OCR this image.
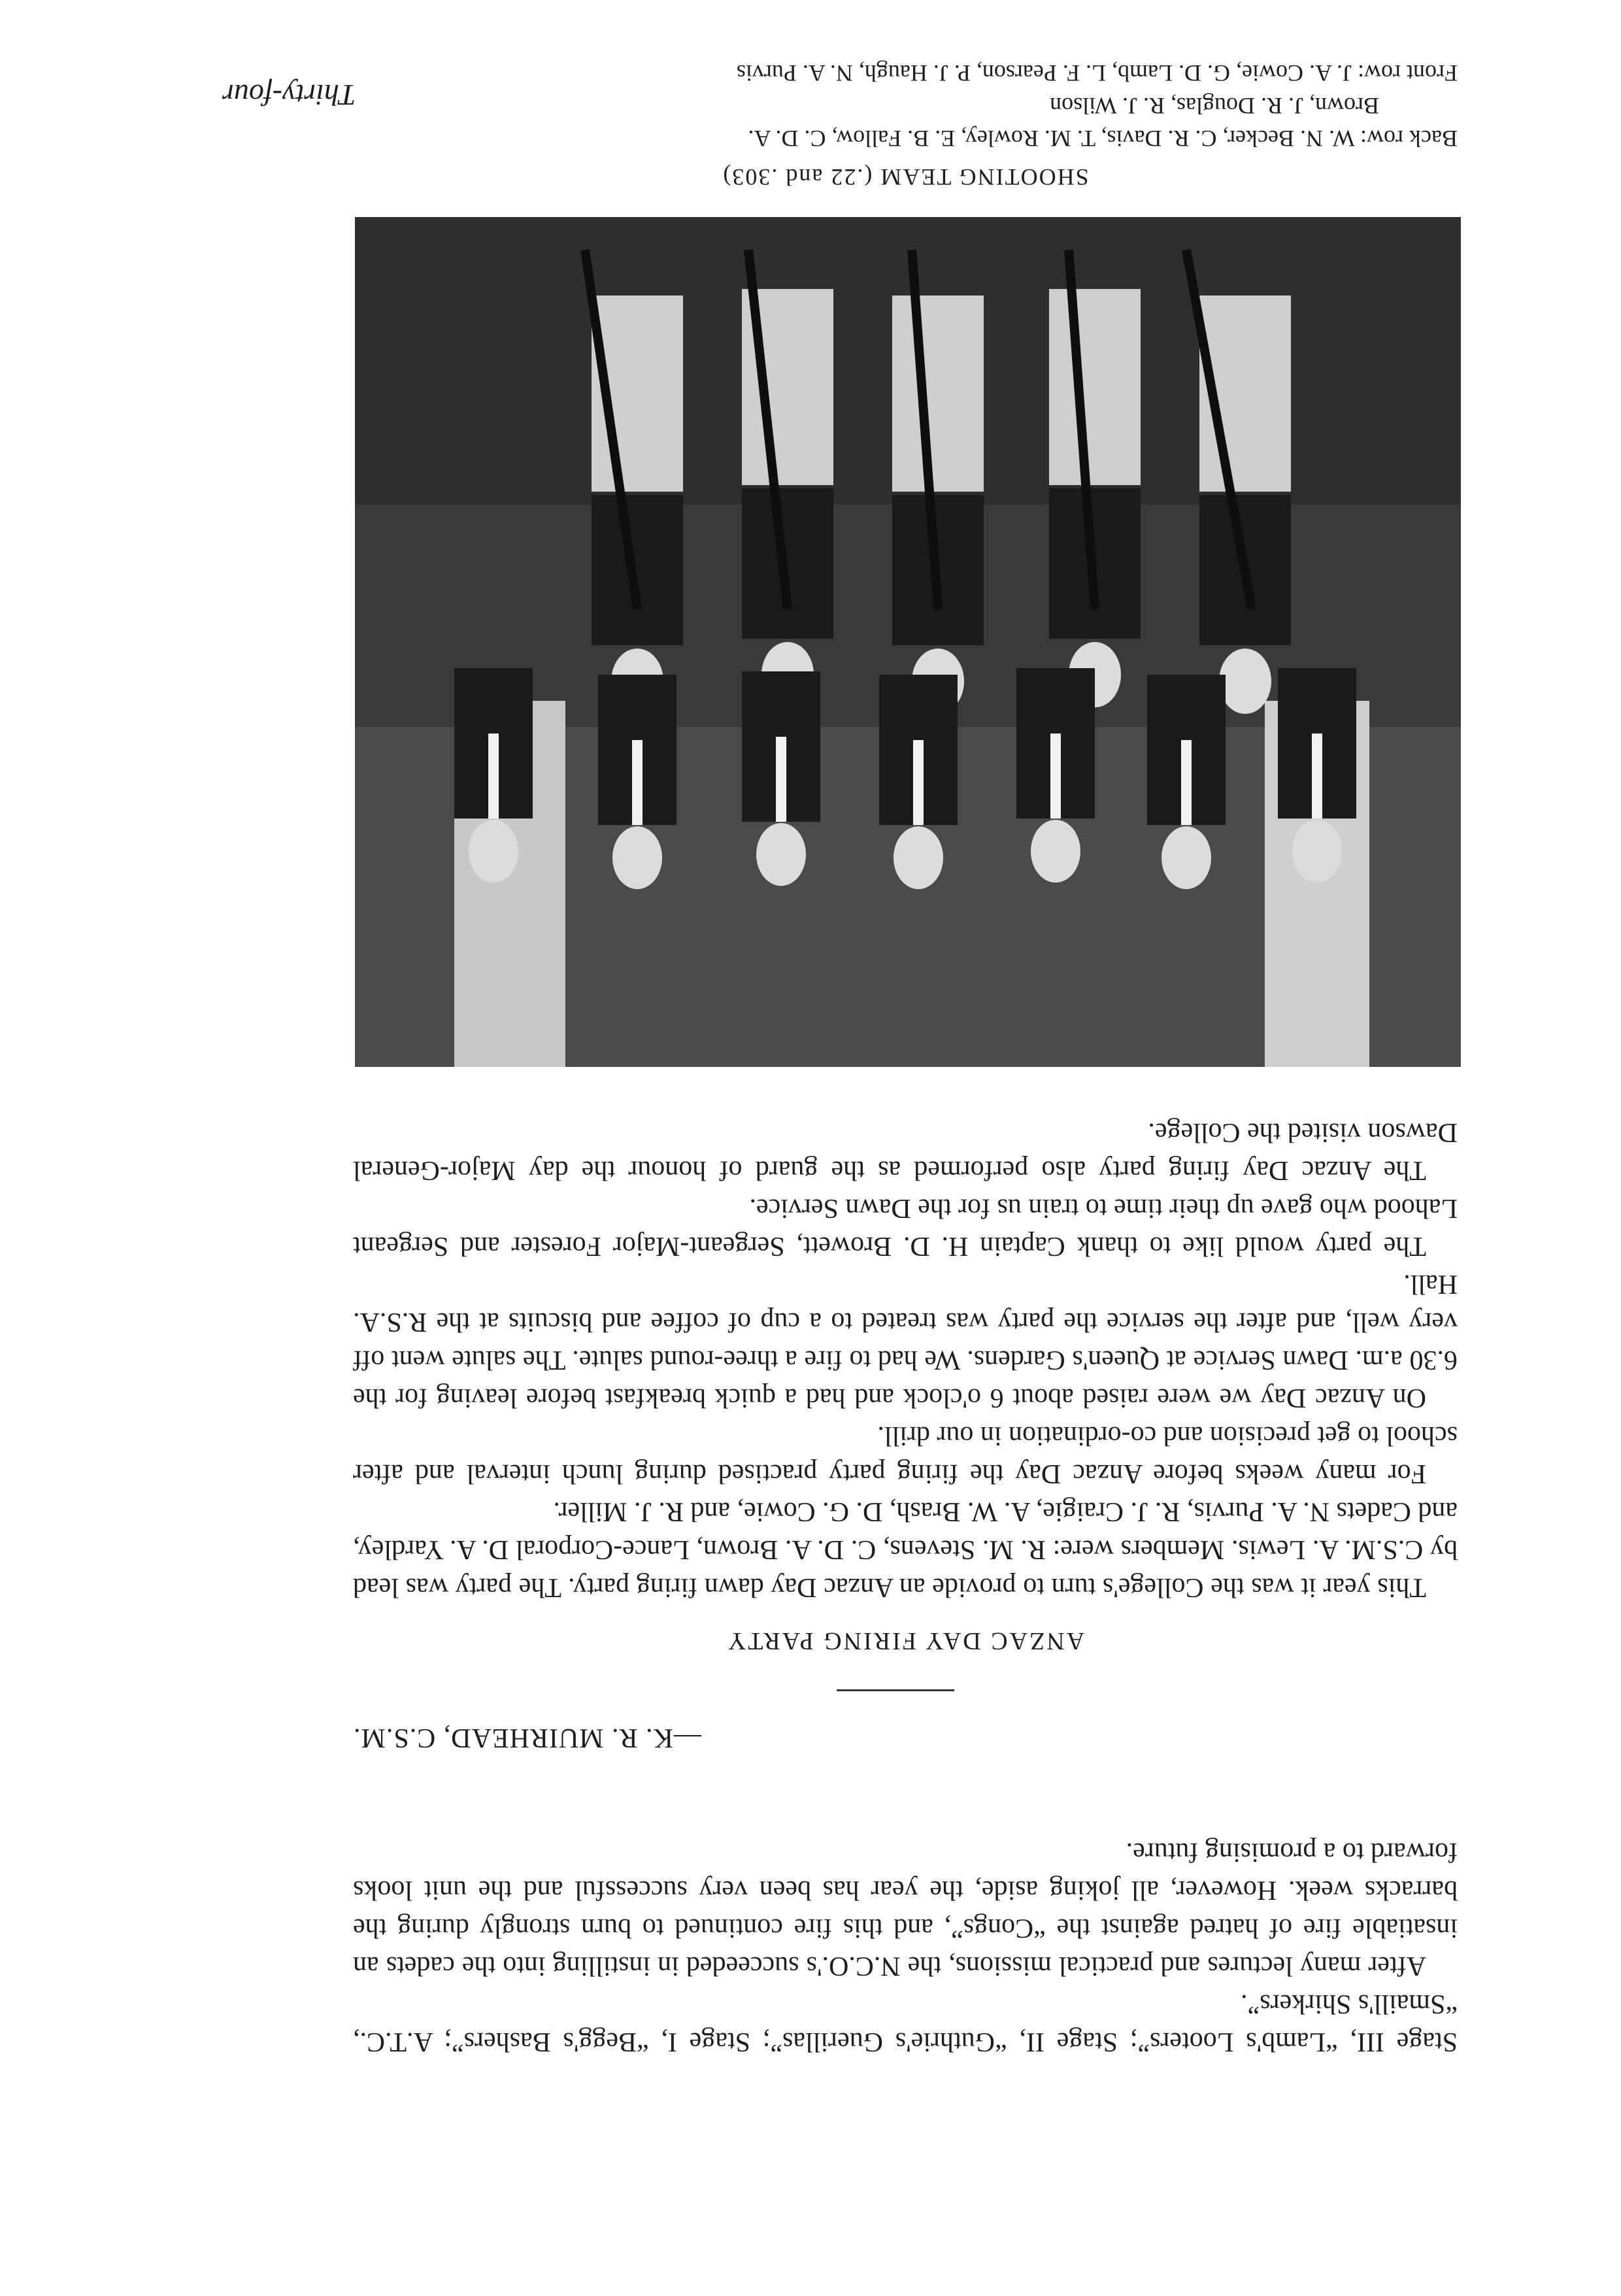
Stage III, “Lamb's Looters”; Stage II, “Guthrie's Guerillas”; Stage I, “Begg's Bashers”; A.T.C., “Smaill's Shirkers”.

After many lectures and practical missions, the N.C.O.'s succeeded in instilling into the cadets an insatiable fire of hatred against the “Congs”, and this fire continued to burn strongly during the barracks week. However, all joking aside, the year has been very successful and the unit looks forward to a promising future.

—K. R. MUIRHEAD, C.S.M.
ANZAC DAY FIRING PARTY

This year it was the College's turn to provide an Anzac Day dawn firing party. The party was lead by C.S.M. A. Lewis. Members were: R. M. Stevens, C. D. A. Brown, Lance-Corporal D. A. Yardley, and Cadets N. A. Purvis, R. J. Craigie, A. W. Brash, D. G. Cowie, and R. J. Miller.

For many weeks before Anzac Day the firing party practised during lunch interval and after school to get precision and co-ordination in our drill.

On Anzac Day we were raised about 6 o'clock and had a quick breakfast before leaving for the 6.30 a.m. Dawn Service at Queen's Gardens. We had to fire a three-round salute. The salute went off very well, and after the service the party was treated to a cup of coffee and biscuits at the R.S.A. Hall.

The party would like to thank Captain H. D. Browett, Sergeant-Major Forester and Sergeant Lahood who gave up their time to train us for the Dawn Service.

The Anzac Day firing party also performed as the guard of honour the day Major-General Dawson visited the College.

SHOOTING TEAM (.22 and .303)

Back row: W. N. Becker, C. R. Davis, T. M. Rowley, E. B. Fallow, C. D. A.

Brown, J. R. Douglas, R. J. Wilson

Front row: J. A. Cowie, G. D. Lamb, L. F. Pearson, P. J. Haugh, N. A. Purvis

Thirty-four
